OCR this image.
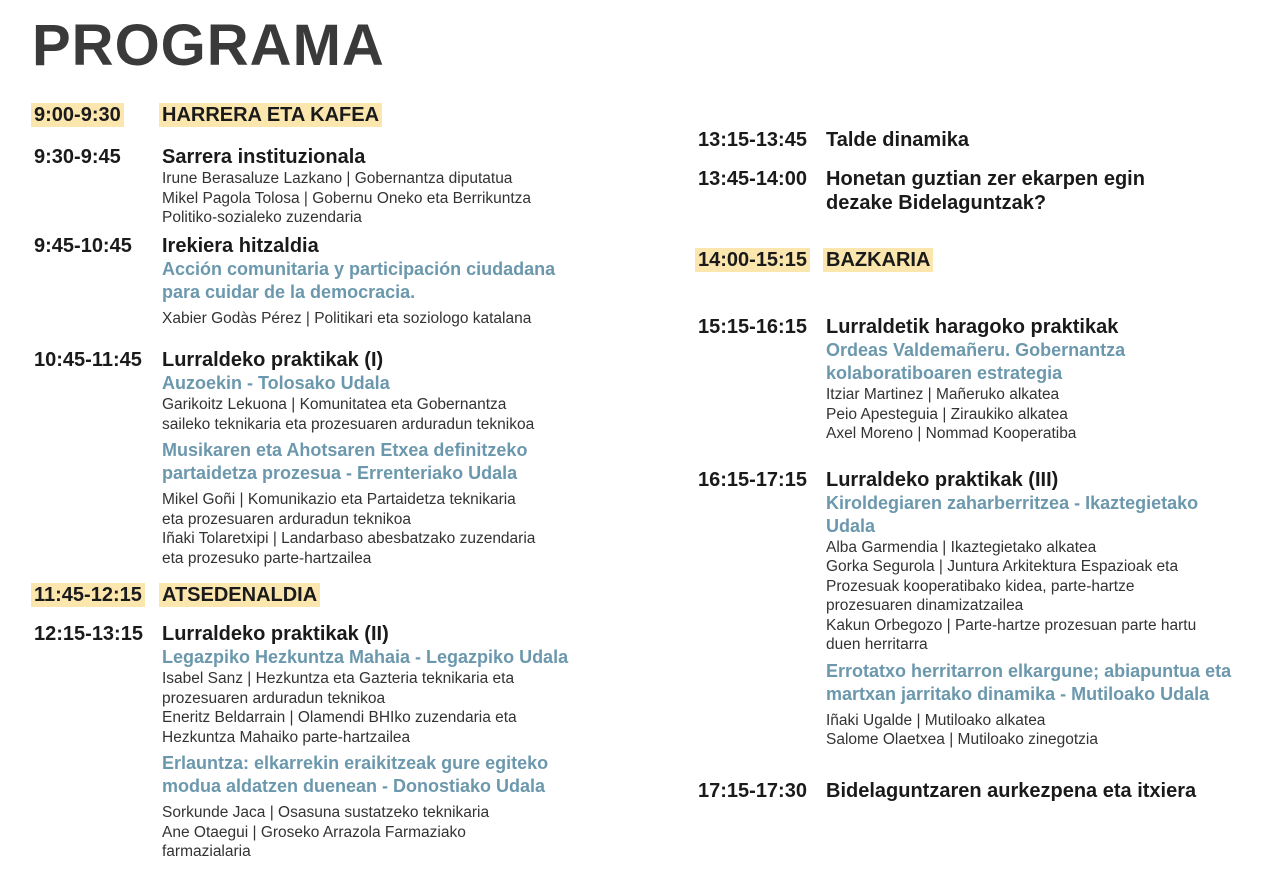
PROGRAMA
9:00-9:30	HARRERA ETA KAFEA
9:30-9:45	Sarrera instituzionala
Irune Berasaluze Lazkano | Gobernantza diputatua
Mikel Pagola Tolosa | Gobernu Oneko eta Berrikuntza
Politiko-sozialeko zuzendaria
9:45-10:45	Irekiera hitzaldia
Acción comunitaria y participación ciudadana
para cuidar de la democracia.
Xabier Godàs Pérez | Politikari eta soziologo katalana
10:45-11:45	Lurraldeko praktikak (I)
Auzoekin - Tolosako Udala
Garikoitz Lekuona | Komunitatea eta Gobernantza
saileko teknikaria eta prozesuaren arduradun teknikoa
Musikaren eta Ahotsaren Etxea definitzeko
partaidetza prozesua - Errenteriako Udala
Mikel Goñi | Komunikazio eta Partaidetza teknikaria
eta prozesuaren arduradun teknikoa
Iñaki Tolaretxipi | Landarbaso abesbatzako zuzendaria
eta prozesuko parte-hartzailea
11:45-12:15	ATSEDENALDIA
12:15-13:15 Lurraldeko praktikak (II)
Legazpiko Hezkuntza Mahaia - Legazpiko Udala
Isabel Sanz | Hezkuntza eta Gazteria teknikaria eta
prozesuaren arduradun teknikoa
Eneritz Beldarrain | Olamendi BHIko zuzendaria eta
Hezkuntza Mahaiko parte-hartzailea
Erlauntza: elkarrekin eraikitzeak gure egiteko
modua aldatzen duenean - Donostiako Udala
Sorkunde Jaca | Osasuna sustatzeko teknikaria
Ane Otaegui | Groseko Arrazola Farmaziako
farmazialaria
13:15-13:45 Talde dinamika
13:45-14:00 Honetan guztian zer ekarpen egin
dezake Bidelaguntzak?
14:00-15:15 BAZKARIA
15:15-16:15 Lurraldetik haragoko praktikak
Ordeas Valdemañeru. Gobernantza
kolaboratiboaren estrategia
Itziar Martinez | Mañeruko alkatea
Peio Apesteguia | Ziraukiko alkatea
Axel Moreno | Nommad Kooperatiba
16:15-17:15 Lurraldeko praktikak (III)
Kiroldegiaren zaharberritzea - Ikaztegietako
Udala
Alba Garmendia | Ikaztegietako alkatea
Gorka Segurola | Juntura Arkitektura Espazioak eta
Prozesuak kooperatibako kidea, parte-hartze
prozesuaren dinamizatzailea
Kakun Orbegozo | Parte-hartze prozesuan parte hartu
duen herritarra
Errotatxo herritarron elkargune; abiapuntua eta
martxan jarritako dinamika - Mutiloako Udala
Iñaki Ugalde | Mutiloako alkatea
Salome Olaetxea | Mutiloako zinegotzia
17:15-17:30 Bidelaguntzaren aurkezpena eta itxiera
